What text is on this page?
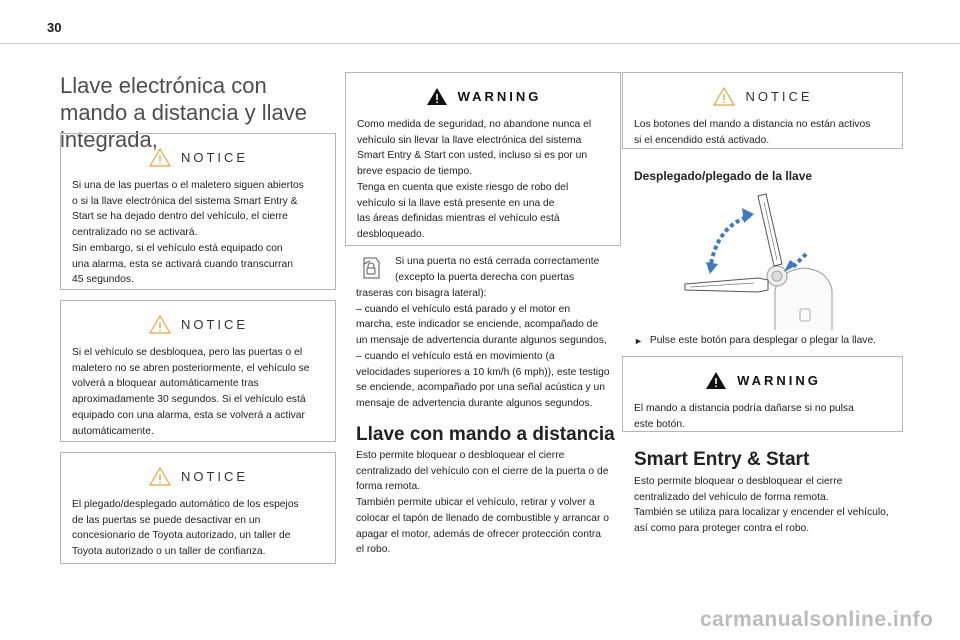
30
Llave electrónica con mando a distancia y llave integrada,
NOTICE
Si una de las puertas o el maletero siguen abiertos
o si la llave electrónica del sistema Smart Entry &
Start se ha dejado dentro del vehículo, el cierre
centralizado no se activará.
Sin embargo, si el vehículo está equipado con
una alarma, esta se activará cuando transcurran
45 segundos.
NOTICE
Si el vehículo se desbloquea, pero las puertas o el
maletero no se abren posteriormente, el vehículo se
volverá a bloquear automáticamente tras
aproximadamente 30 segundos. Si el vehículo está
equipado con una alarma, esta se volverá a activar
automáticamente.
NOTICE
El plegado/desplegado automático de los espejos
de las puertas se puede desactivar en un
concesionario de Toyota autorizado, un taller de
Toyota autorizado o un taller de confianza.
WARNING
Como medida de seguridad, no abandone nunca el
vehículo sin llevar la llave electrónica del sistema
Smart Entry & Start con usted, incluso si es por un
breve espacio de tiempo.
Tenga en cuenta que existe riesgo de robo del
vehículo si la llave está presente en una de
las áreas definidas mientras el vehículo está
desbloqueado.
Si una puerta no está cerrada correctamente
(excepto la puerta derecha con puertas
traseras con bisagra lateral):
– cuando el vehículo está parado y el motor en
marcha, este indicador se enciende, acompañado de
un mensaje de advertencia durante algunos segundos,
– cuando el vehículo está en movimiento (a
velocidades superiores a 10 km/h (6 mph)), este testigo
se enciende, acompañado por una señal acústica y un
mensaje de advertencia durante algunos segundos.
Llave con mando a distancia
Esto permite bloquear o desbloquear el cierre
centralizado del vehículo con el cierre de la puerta o de
forma remota.
También permite ubicar el vehículo, retirar y volver a
colocar el tapón de llenado de combustible y arrancar o
apagar el motor, además de ofrecer protección contra
el robo.
NOTICE
Los botones del mando a distancia no están activos
si el encendido está activado.
Desplegado/plegado de la llave
► Pulse este botón para desplegar o plegar la llave.
WARNING
El mando a distancia podría dañarse si no pulsa
este botón.
Smart Entry & Start
Esto permite bloquear o desbloquear el cierre
centralizado del vehículo de forma remota.
También se utiliza para localizar y encender el vehículo,
así como para proteger contra el robo.
carmanualsonline.info
